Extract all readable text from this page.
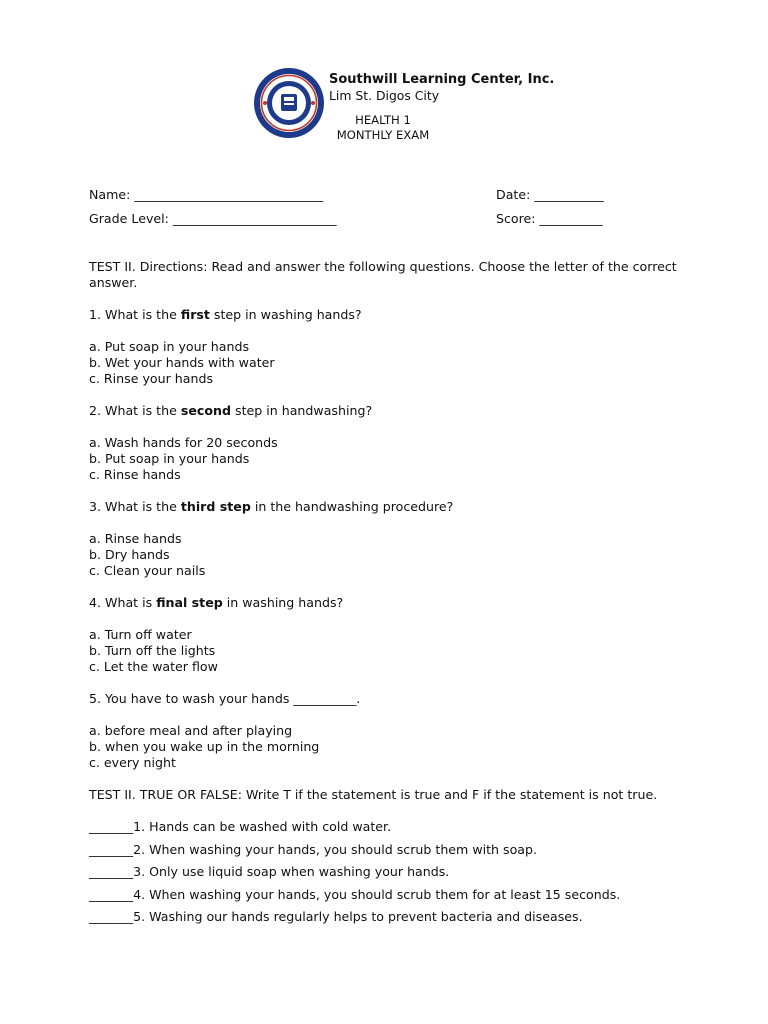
Southwill Learning Center, Inc.
Lim St. Digos City
HEALTH 1
MONTHLY EXAM
Name: ______________________________	Date: ___________
Grade Level: __________________________	Score: __________

TEST II. Directions: Read and answer the following questions. Choose the letter of the correct answer.

1. What is the first step in washing hands?

a. Put soap in your hands

b. Wet your hands with water

c. Rinse your hands

2. What is the second step in handwashing?

a. Wash hands for 20 seconds

b. Put soap in your hands

c. Rinse hands

3. What is the third step in the handwashing procedure?

a. Rinse hands

b. Dry hands

c. Clean your nails

4. What is final step in washing hands?

a. Turn off water

b. Turn off the lights

c. Let the water flow

5. You have to wash your hands __________.

a. before meal and after playing

b. when you wake up in the morning

c. every night

TEST II. TRUE OR FALSE: Write T if the statement is true and F if the statement is not true.

_______1. Hands can be washed with cold water.
_______2. When washing your hands, you should scrub them with soap.
_______3. Only use liquid soap when washing your hands.
_______4. When washing your hands, you should scrub them for at least 15 seconds.
_______5. Washing our hands regularly helps to prevent bacteria and diseases.
